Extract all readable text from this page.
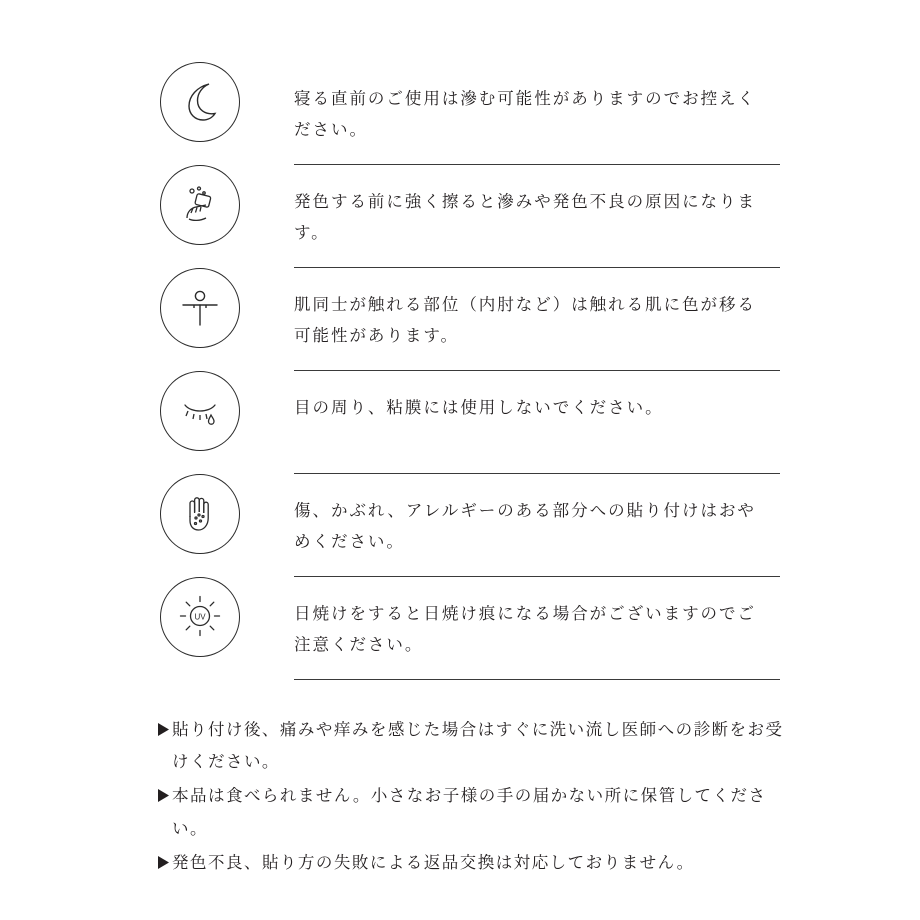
寝る直前のご使用は滲む可能性がありますのでお控えください。
発色する前に強く擦ると滲みや発色不良の原因になります。
肌同士が触れる部位（内肘など）は触れる肌に色が移る可能性があります。
目の周り、粘膜には使用しないでください。
傷、かぶれ、アレルギーのある部分への貼り付けはおやめください。
UV	日焼けをすると日焼け痕になる場合がございますのでご注意ください。
貼り付け後、痛みや痒みを感じた場合はすぐに洗い流し医師への診断をお受けください。
本品は食べられません。小さなお子様の手の届かない所に保管してください。
発色不良、貼り方の失敗による返品交換は対応しておりません。
